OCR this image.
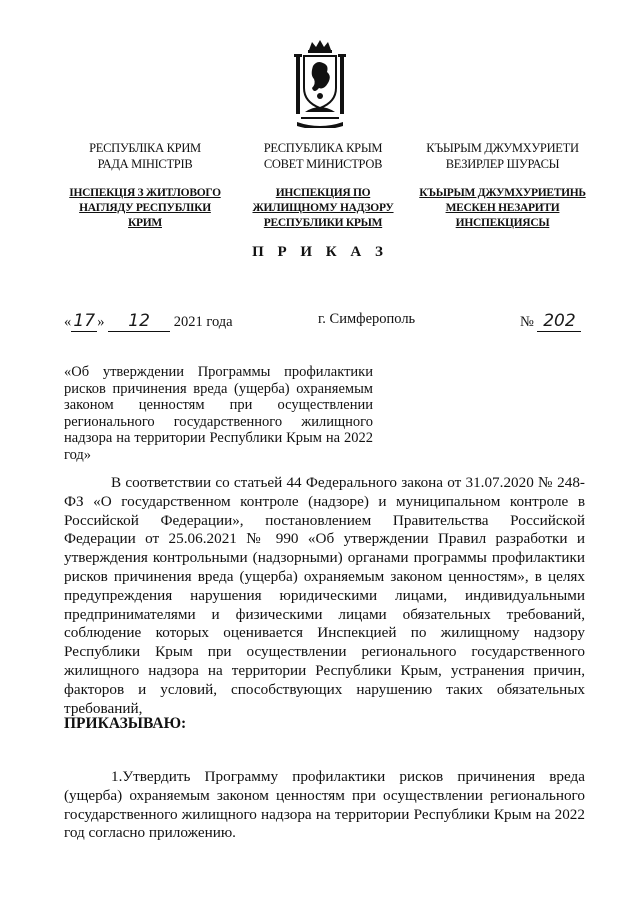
РЕСПУБЛІКА КРИМ
РАДА МІНІСТРІВ
ІНСПЕКЦІЯ З ЖИТЛОВОГО
НАГЛЯДУ РЕСПУБЛІКИ
КРИМ
РЕСПУБЛИКА КРЫМ
СОВЕТ МИНИСТРОВ
ИНСПЕКЦИЯ ПО
ЖИЛИЩНОМУ НАДЗОРУ
РЕСПУБЛИКИ КРЫМ
КЪЫРЫМ ДЖУМХУРИЕТИ
ВЕЗИРЛЕР ШУРАСЫ
КЪЫРЫМ ДЖУМХУРИЕТИНЬ
МЕСКЕН НЕЗАРИТИ
ИНСПЕКЦИЯСЫ
П Р И К А З
« 17 » 12 2021 года	г. Симферополь	№ 202
«Об утверждении Программы профилактики рисков причинения вреда (ущерба) охраняемым законом ценностям при осуществлении регионального государственного жилищного надзора на территории Республики Крым на 2022 год»
В соответствии со статьей 44 Федерального закона от 31.07.2020 № 248-ФЗ «О государственном контроле (надзоре) и муниципальном контроле в Российской Федерации», постановлением Правительства Российской Федерации от 25.06.2021 № 990 «Об утверждении Правил разработки и утверждения контрольными (надзорными) органами программы профилактики рисков причинения вреда (ущерба) охраняемым законом ценностям», в целях предупреждения нарушения юридическими лицами, индивидуальными предпринимателями и физическими лицами обязательных требований, соблюдение которых оценивается Инспекцией по жилищному надзору Республики Крым при осуществлении регионального государственного жилищного надзора на территории Республики Крым, устранения причин, факторов и условий, способствующих нарушению таких обязательных требований,
ПРИКАЗЫВАЮ:
1.Утвердить Программу профилактики рисков причинения вреда (ущерба) охраняемым законом ценностям при осуществлении регионального государственного жилищного надзора на территории Республики Крым на 2022 год согласно приложению.
